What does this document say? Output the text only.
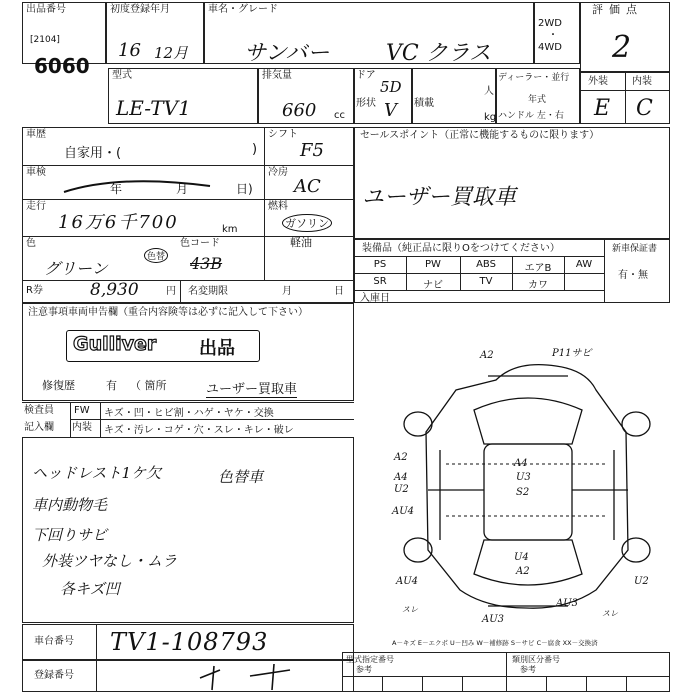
出品番号
[2104]
6060
初度登録年月
16 12月
車名・グレード
サンバー	VC クラス
2WD
・
4WD
評価点
2
型式
LE-TV1
排気量
660 cc
ドア
5D
形状 V 積載
人
kg
ディーラー・並行
年式
ハンドル 左・右
外装 内装
E C
車歴
自家用・(	)
シフト
F5
車検
年	月	日)
冷房
AC
走行
16万6千700	km
燃料
ガソリン
軽油
色
グリーン
色替
色コード
43B
R券	8,930	円 名変期限	月	日
セールスポイント（正常に機能するものに限ります）
ユーザー買取車
装備品（純正品に限りOをつけてください）
PS	PW	ABS	エアB	AW
SR	ナビ	TV	カワ
新車保証書
有・無
入庫日
注意事項車両申告欄（重合内容険等は必ずに記入して下さい）
Gulliver 出品
修復歴	有 （ 箇所	ユーザー買取車
検査員
記入欄
FW
内装
キズ・凹・ヒビ割・ハゲ・ヤケ・交換
キズ・汚レ・コゲ・穴・スレ・キレ・破レ
ヘッドレスト1ケ欠
車内動物毛
下回りサビ
外装ツヤなし・ムラ
各キズ凹
色替車
A2	P11サビ
A2
A4
U3
S2
A4
U2
AU4
U4
A2
AU4	U2
AU3
AU3
スレ	スレ
A－キズ E－エクボ U－凹み W－補修跡 S－サビ C－腐食 XX－交換済
車台番号 TV1-108793
登録番号
型式指定番号
参考
類別区分番号
参考
